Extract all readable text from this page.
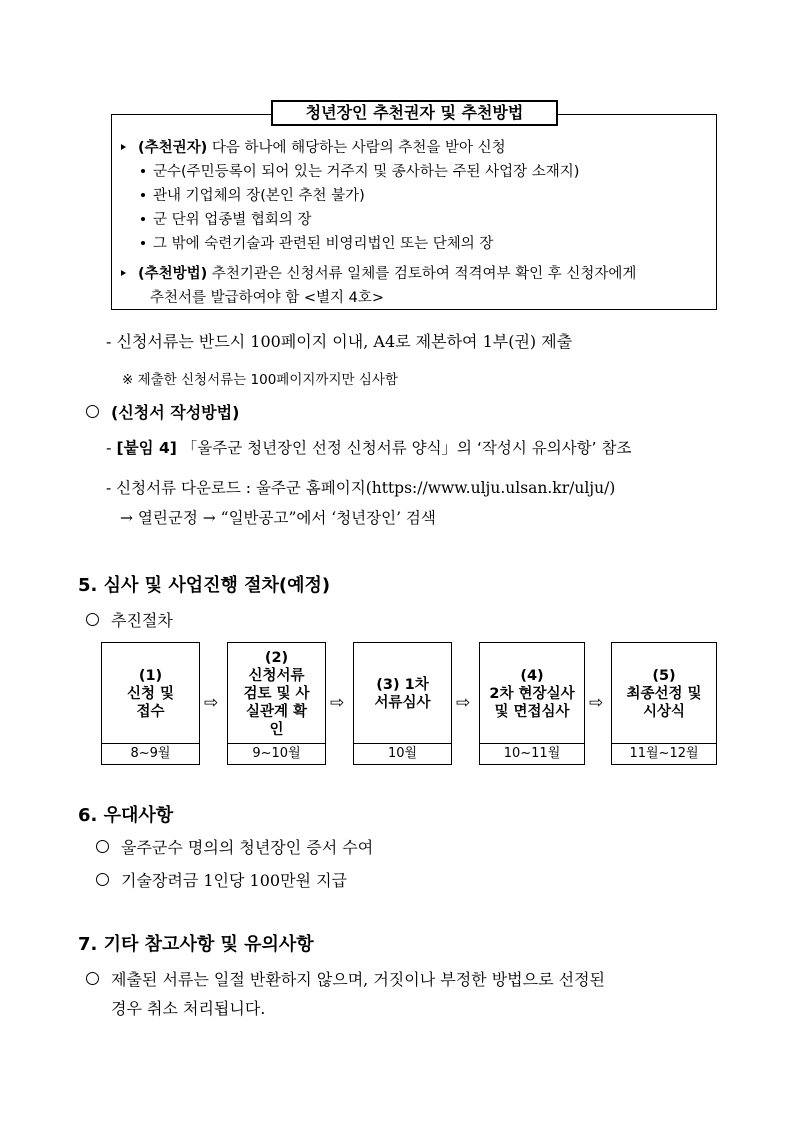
청년장인 추천권자 및 추천방법
(추천권자) 다음 하나에 해당하는 사람의 추천을 받아 신청
군수(주민등록이 되어 있는 거주지 및 종사하는 주된 사업장 소재지)
관내 기업체의 장(본인 추천 불가)
군 단위 업종별 협회의 장
그 밖에 숙련기술과 관련된 비영리법인 또는 단체의 장
(추천방법) 추천기관은 신청서류 일체를 검토하여 적격여부 확인 후 신청자에게
추천서를 발급하여야 함 <별지 4호>
- 신청서류는 반드시 100페이지 이내, A4로 제본하여 1부(권) 제출
※ 제출한 신청서류는 100페이지까지만 심사함
(신청서 작성방법)
- [붙임 4] 「울주군 청년장인 선정 신청서류 양식」의 ‘작성시 유의사항’ 참조
- 신청서류 다운로드 : 울주군 홈페이지(https://www.ulju.ulsan.kr/ulju/)
→ 열린군정 → “일반공고”에서 ‘청년장인’ 검색
5. 심사 및 사업진행 절차(예정)
추진절차
(1)
신청 및
접수
8~9월
⇨
(2)
신청서류
검토 및 사
실관계 확
인
9~10월
⇨
(3) 1차
서류심사
10월
⇨
(4)
2차 현장실사
및 면접심사
10~11월
⇨
(5)
최종선정 및
시상식
11월~12월
6. 우대사항
울주군수 명의의 청년장인 증서 수여
기술장려금 1인당 100만원 지급
7. 기타 참고사항 및 유의사항
제출된 서류는 일절 반환하지 않으며, 거짓이나 부정한 방법으로 선정된
경우 취소 처리됩니다.
